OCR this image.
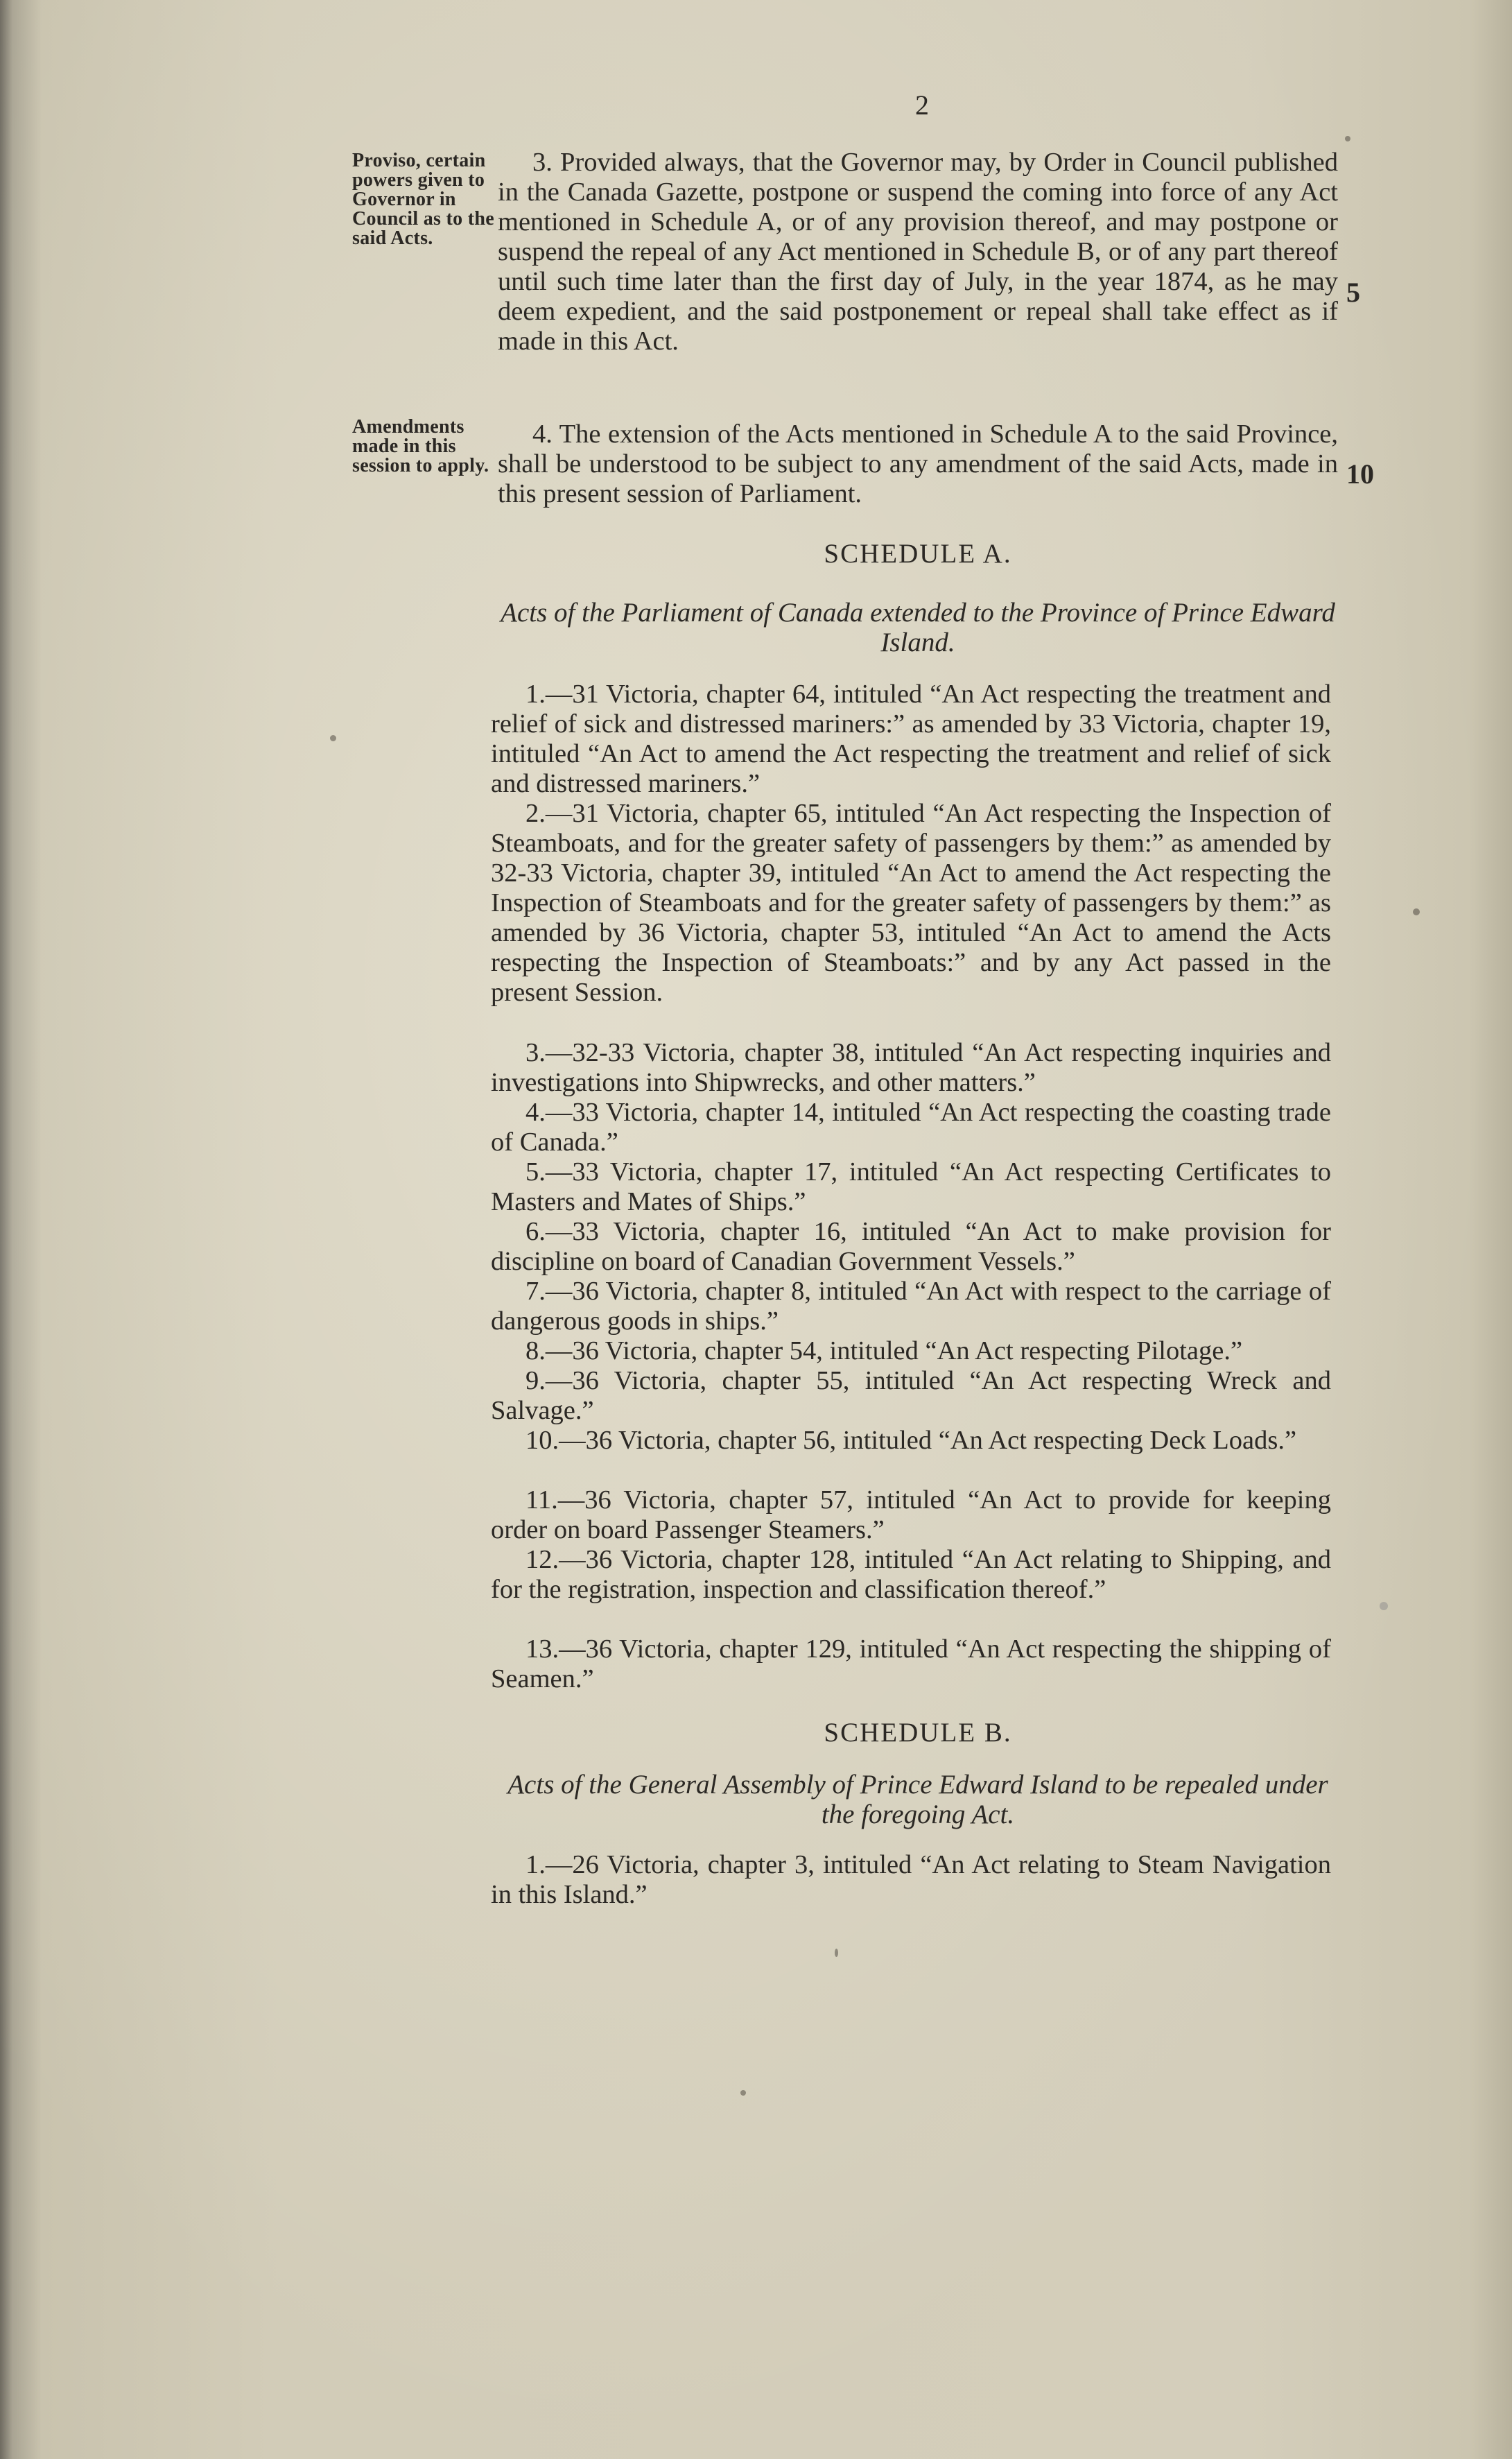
2
Proviso, certain powers given to Governor in Council as to the said Acts.
3. Provided always, that the Governor may, by Order in Council published in the Canada Gazette, postpone or suspend the coming into force of any Act mentioned in Schedule A, or of any provision thereof, and may postpone or suspend the repeal of any Act mentioned in Schedule B, or of any part thereof until such time later than the first day of July, in the year 1874, as he may deem expedient, and the said postponement or repeal shall take effect as if made in this Act.
5
Amendments made in this session to apply.
4. The extension of the Acts mentioned in Schedule A to the said Province, shall be understood to be subject to any amendment of the said Acts, made in this present session of Parliament.
10
SCHEDULE A.
Acts of the Parliament of Canada extended to the Province of Prince Edward Island.
1.—31 Victoria, chapter 64, intituled “An Act respecting the treatment and relief of sick and distressed mariners:” as amended by 33 Victoria, chapter 19, intituled “An Act to amend the Act respecting the treatment and relief of sick and distressed mariners.”
2.—31 Victoria, chapter 65, intituled “An Act respecting the Inspection of Steamboats, and for the greater safety of passengers by them:” as amended by 32-33 Victoria, chapter 39, intituled “An Act to amend the Act respecting the Inspection of Steamboats and for the greater safety of passengers by them:” as amended by 36 Victoria, chapter 53, intituled “An Act to amend the Acts respecting the Inspection of Steamboats:” and by any Act passed in the present Session.
3.—32-33 Victoria, chapter 38, intituled “An Act respecting inquiries and investigations into Shipwrecks, and other matters.”
4.—33 Victoria, chapter 14, intituled “An Act respecting the coasting trade of Canada.”
5.—33 Victoria, chapter 17, intituled “An Act respecting Certificates to Masters and Mates of Ships.”
6.—33 Victoria, chapter 16, intituled “An Act to make provision for discipline on board of Canadian Government Vessels.”
7.—36 Victoria, chapter 8, intituled “An Act with respect to the carriage of dangerous goods in ships.”
8.—36 Victoria, chapter 54, intituled “An Act respecting Pilotage.”
9.—36 Victoria, chapter 55, intituled “An Act respecting Wreck and Salvage.”
10.—36 Victoria, chapter 56, intituled “An Act respecting Deck Loads.”
11.—36 Victoria, chapter 57, intituled “An Act to provide for keeping order on board Passenger Steamers.”
12.—36 Victoria, chapter 128, intituled “An Act relating to Shipping, and for the registration, inspection and classification thereof.”
13.—36 Victoria, chapter 129, intituled “An Act respecting the shipping of Seamen.”
SCHEDULE B.
Acts of the General Assembly of Prince Edward Island to be repealed under the foregoing Act.
1.—26 Victoria, chapter 3, intituled “An Act relating to Steam Navigation in this Island.”
